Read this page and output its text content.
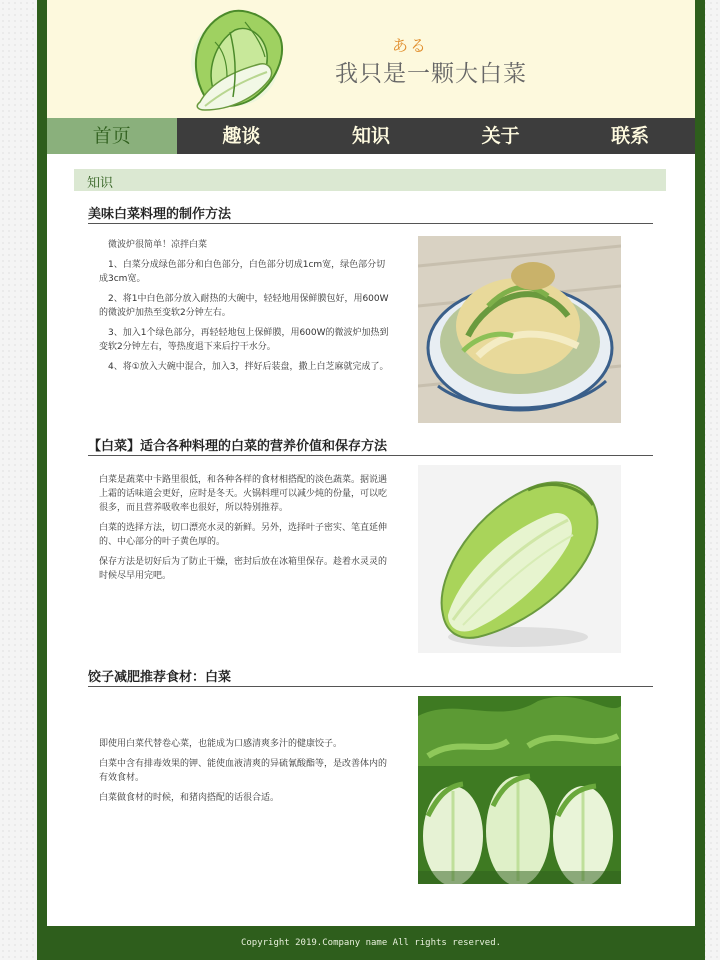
ある
我只是一颗大白菜
首页	趣谈	知识	关于	联系
知识
美味白菜料理的制作方法

　微波炉很简单！凉拌白菜

　1、白菜分成绿色部分和白色部分，白色部分切成1cm宽，绿色部分切成3cm宽。

　2、将1中白色部分放入耐热的大碗中，轻轻地用保鲜膜包好，用600W的微波炉加热至变软2分钟左右。

　3、加入1个绿色部分，再轻轻地包上保鲜膜，用600W的微波炉加热到变软2分钟左右，等热度退下来后拧干水分。

　4、将①放入大碗中混合，加入3，拌好后装盘，撒上白芝麻就完成了。

【白菜】适合各种料理的白菜的营养价值和保存方法

白菜是蔬菜中卡路里很低，和各种各样的食材相搭配的淡色蔬菜。据说遇上霜的话味道会更好，应时是冬天。火锅料理可以减少炖的份量，可以吃很多，而且营养吸收率也很好，所以特别推荐。

白菜的选择方法，切口漂亮水灵的新鲜。另外，选择叶子密实、笔直延伸的、中心部分的叶子黄色厚的。

保存方法是切好后为了防止干燥，密封后放在冰箱里保存。趁着水灵灵的时候尽早用完吧。

饺子减肥推荐食材：白菜

即使用白菜代替卷心菜，也能成为口感清爽多汁的健康饺子。

白菜中含有排毒效果的钾、能使血液清爽的异硫氰酸酯等，是改善体内的有效食材。

白菜做食材的时候，和猪肉搭配的话很合适。

Copyright 2019.Company name All rights reserved.
